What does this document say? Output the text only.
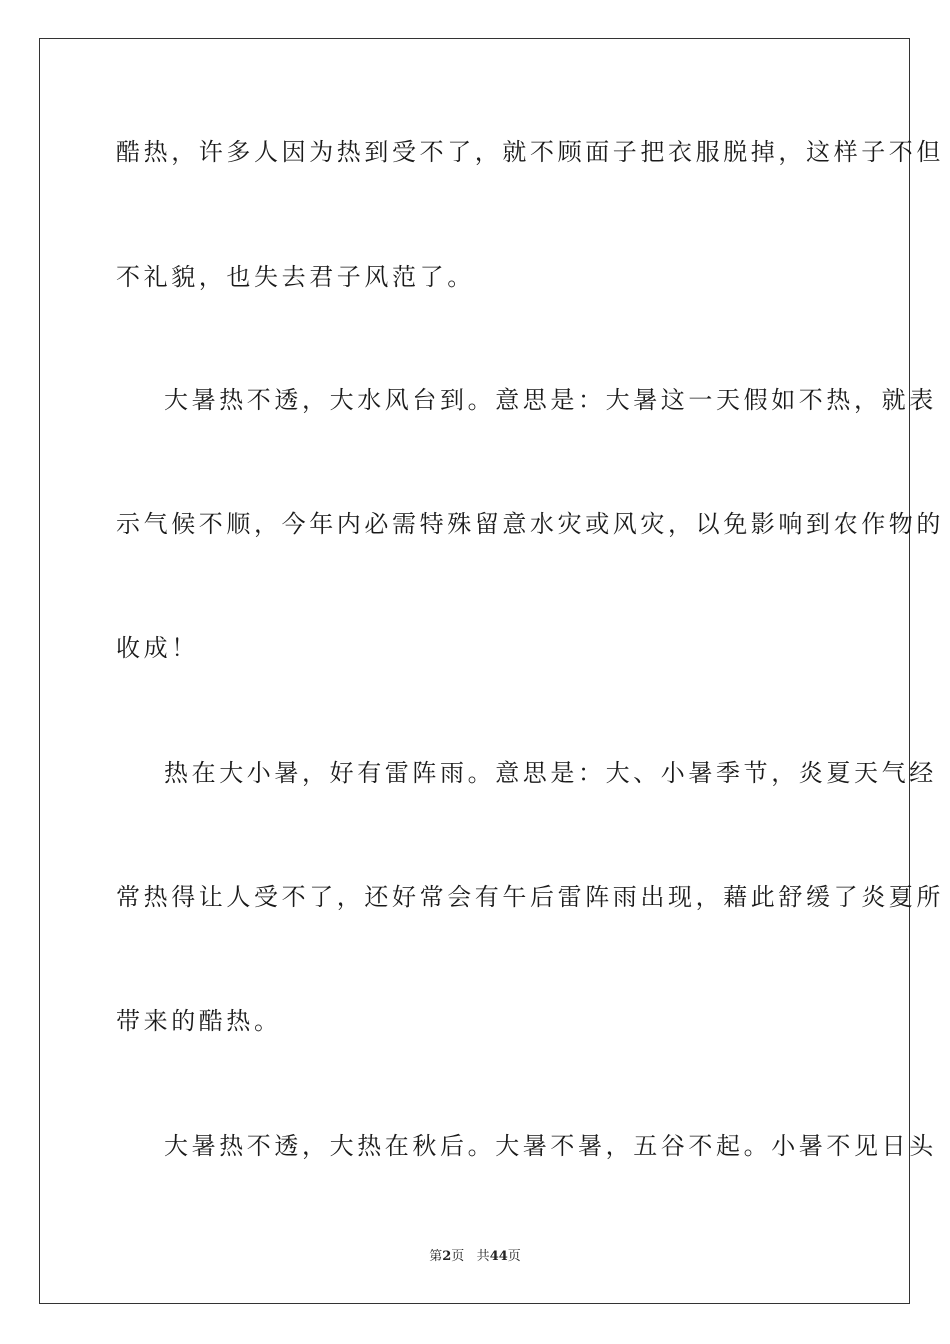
酷热，许多人因为热到受不了，就不顾面子把衣服脱掉，这样子不但
不礼貌，也失去君子风范了。
大暑热不透，大水风台到。意思是：大暑这一天假如不热，就表
示气候不顺，今年内必需特殊留意水灾或风灾，以免影响到农作物的
收成！
热在大小暑，好有雷阵雨。意思是：大、小暑季节，炎夏天气经
常热得让人受不了，还好常会有午后雷阵雨出现，藉此舒缓了炎夏所
带来的酷热。
大暑热不透，大热在秋后。大暑不暑，五谷不起。小暑不见日头
第2页 共44页
